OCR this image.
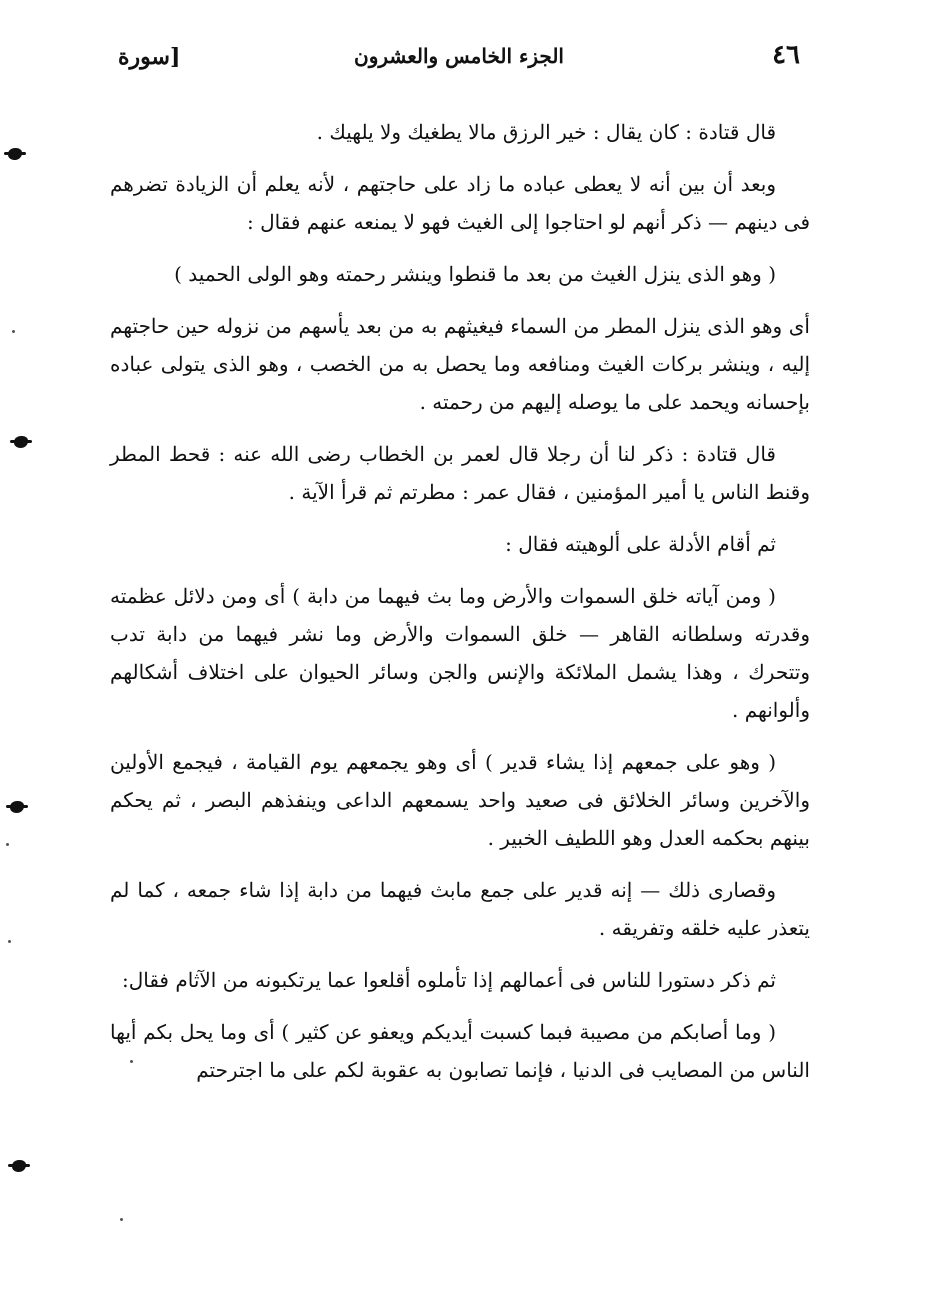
٤٦
الجزء الخامس والعشرون
[سورة

قال قتادة : كان يقال : خير الرزق مالا يطغيك ولا يلهيك .

وبعد أن بين أنه لا يعطى عباده ما زاد على حاجتهم ، لأنه يعلم أن الزيادة تضرهم فى دينهم — ذكر أنهم لو احتاجوا إلى الغيث فهو لا يمنعه عنهم فقال :

( وهو الذى ينزل الغيث من بعد ما قنطوا وينشر رحمته وهو الولى الحميد )

أى وهو الذى ينزل المطر من السماء فيغيثهم به من بعد يأسهم من نزوله حين حاجتهم إليه ، وينشر بركات الغيث ومنافعه وما يحصل به من الخصب ، وهو الذى يتولى عباده بإحسانه ويحمد على ما يوصله إليهم من رحمته .

قال قتادة : ذكر لنا أن رجلا قال لعمر بن الخطاب رضى الله عنه : قحط المطر وقنط الناس يا أمير المؤمنين ، فقال عمر : مطرتم ثم قرأ الآية .

ثم أقام الأدلة على ألوهيته فقال :

( ومن آياته خلق السموات والأرض وما بث فيهما من دابة ) أى ومن دلائل عظمته وقدرته وسلطانه القاهر — خلق السموات والأرض وما نشر فيهما من دابة تدب وتتحرك ، وهذا يشمل الملائكة والإنس والجن وسائر الحيوان على اختلاف أشكالهم وألوانهم .

( وهو على جمعهم إذا يشاء قدير ) أى وهو يجمعهم يوم القيامة ، فيجمع الأولين والآخرين وسائر الخلائق فى صعيد واحد يسمعهم الداعى وينفذهم البصر ، ثم يحكم بينهم بحكمه العدل وهو اللطيف الخبير .

وقصارى ذلك — إنه قدير على جمع مابث فيهما من دابة إذا شاء جمعه ، كما لم يتعذر عليه خلقه وتفريقه .

ثم ذكر دستورا للناس فى أعمالهم إذا تأملوه أقلعوا عما يرتكبونه من الآثام فقال:

( وما أصابكم من مصيبة فبما كسبت أيديكم ويعفو عن كثير ) أى وما يحل بكم أيها الناس من المصايب فى الدنيا ، فإنما تصابون به عقوبة لكم على ما اجترحتم
